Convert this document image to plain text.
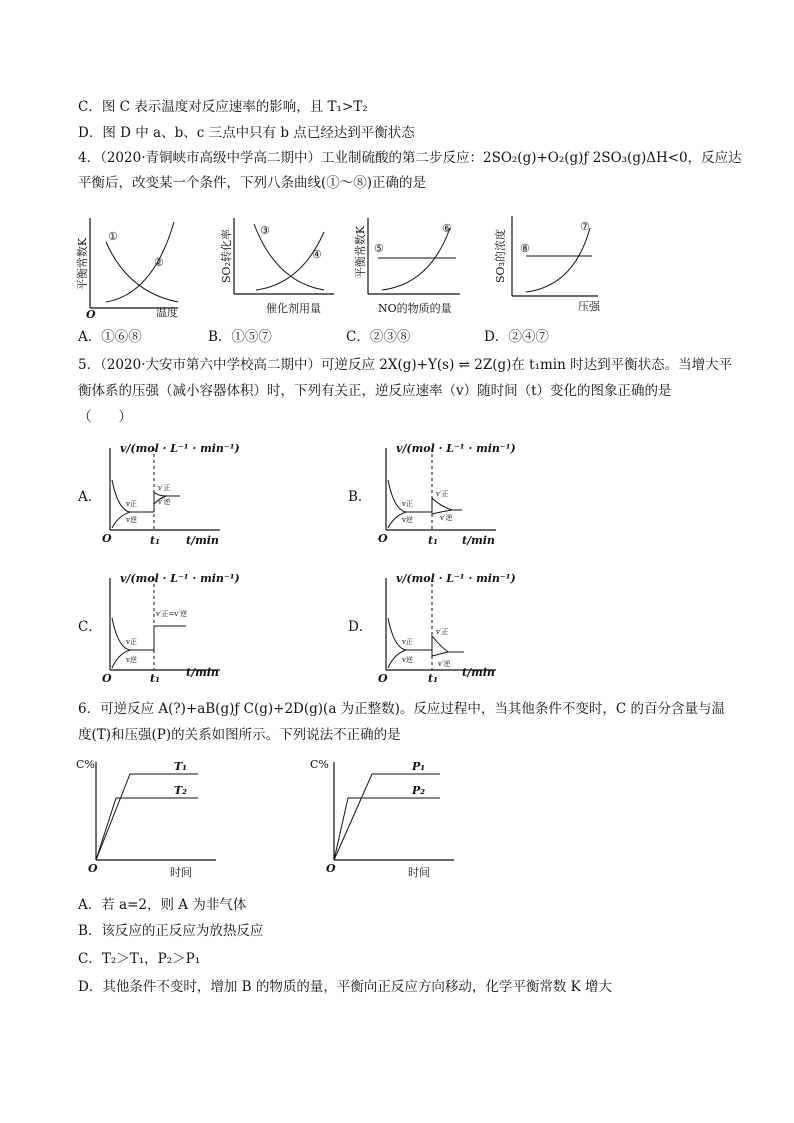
C．图 C 表示温度对反应速率的影响，且 T₁>T₂
D．图 D 中 a、b、c 三点中只有 b 点已经达到平衡状态
4．（2020·青铜峡市高级中学高二期中）工业制硫酸的第二步反应：2SO₂(g)+O₂(g)ƒ 2SO₃(g)ΔH<0，反应达
平衡后，改变某一个条件，下列八条曲线(①～⑧)正确的是
平衡常数K
①
②
O	温度
SO₂转化率 ③
④
催化剂用量
平衡常数K ⑤
⑥
NO的物质的量
SO₃的浓度 ⑧
⑦
压强
A．①⑥⑧	B．①⑤⑦	C．②③⑧	D．②④⑦
5．（2020·大安市第六中学校高二期中）可逆反应 2X(g)+Y(s) ⇌ 2Z(g)在 t₁min 时达到平衡状态。当增大平
衡体系的压强（减小容器体积）时，下列有关正，逆反应速率（v）随时间（t）变化的图象正确的是
（　　）
A．	B．
C．	D．
v/(mol · L⁻¹ · min⁻¹)
v正
v逆
v′正
v′逆
O	t₁ t/min
v/(mol · L⁻¹ · min⁻¹)
v正
v逆
v′正
v′逆
O	t₁ t/min
v/(mol · L⁻¹ · min⁻¹)
v正
v逆
v′正=v′逆
O	t₁ t/min
v/(mol · L⁻¹ · min⁻¹)
v正
v逆
v′正
v′逆
O	t₁ t/min
6．可逆反应 A(?)+aB(g)ƒ C(g)+2D(g)(a 为正整数)。反应过程中，当其他条件不变时，C 的百分含量与温
度(T)和压强(P)的关系如图所示。下列说法不正确的是
C%	T₁
T₂
O	时间
C%	P₁
P₂
O	时间
A．若 a=2，则 A 为非气体
B．该反应的正反应为放热反应
C．T₂＞T₁，P₂＞P₁
D．其他条件不变时，增加 B 的物质的量，平衡向正反应方向移动，化学平衡常数 K 增大
